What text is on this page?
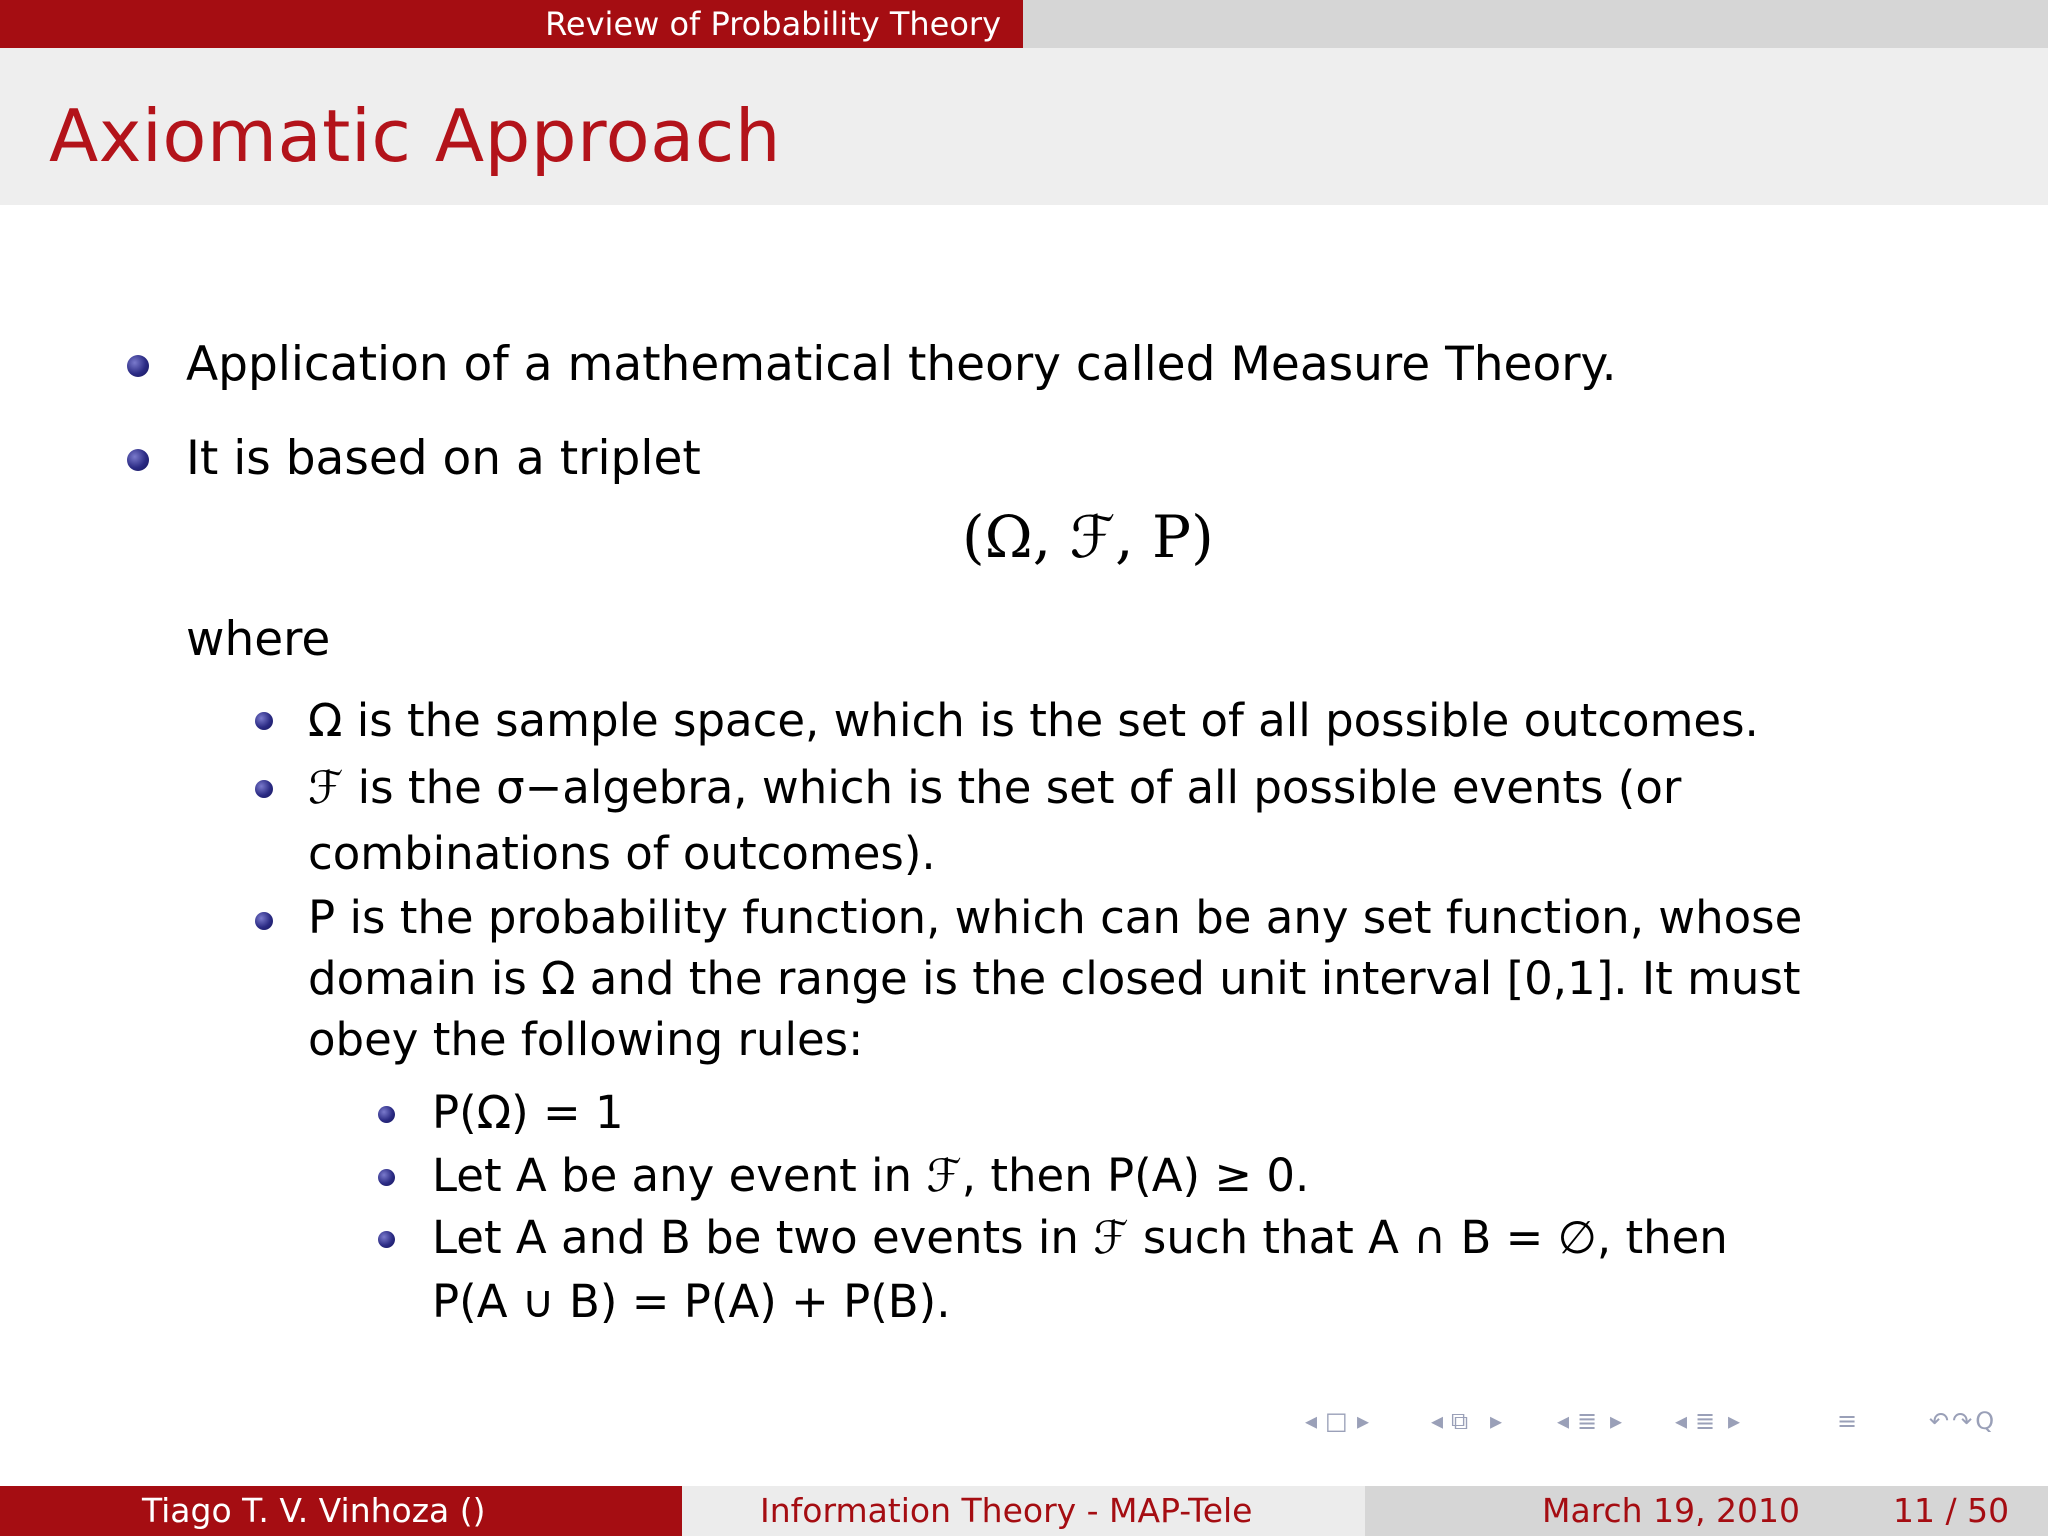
Review of Probability Theory
Axiomatic Approach
Application of a mathematical theory called Measure Theory.
It is based on a triplet
(Ω, ℱ, P)
where
Ω is the sample space, which is the set of all possible outcomes.
ℱ is the σ−algebra, which is the set of all possible events (or
combinations of outcomes).
P is the probability function, which can be any set function, whose
domain is Ω and the range is the closed unit interval [0,1]. It must
obey the following rules:
P(Ω) = 1
Let A be any event in ℱ, then P(A) ≥ 0.
Let A and B be two events in ℱ such that A ∩ B = ∅, then
P(A ∪ B) = P(A) + P(B).
◂ □ ▸	◂ ⧉ ▸ ◂ ≣ ▸ ◂ ≣ ▸	≡	↶↷Q
Tiago T. V. Vinhoza ()	Information Theory - MAP-Tele	March 19, 2010	11 / 50
